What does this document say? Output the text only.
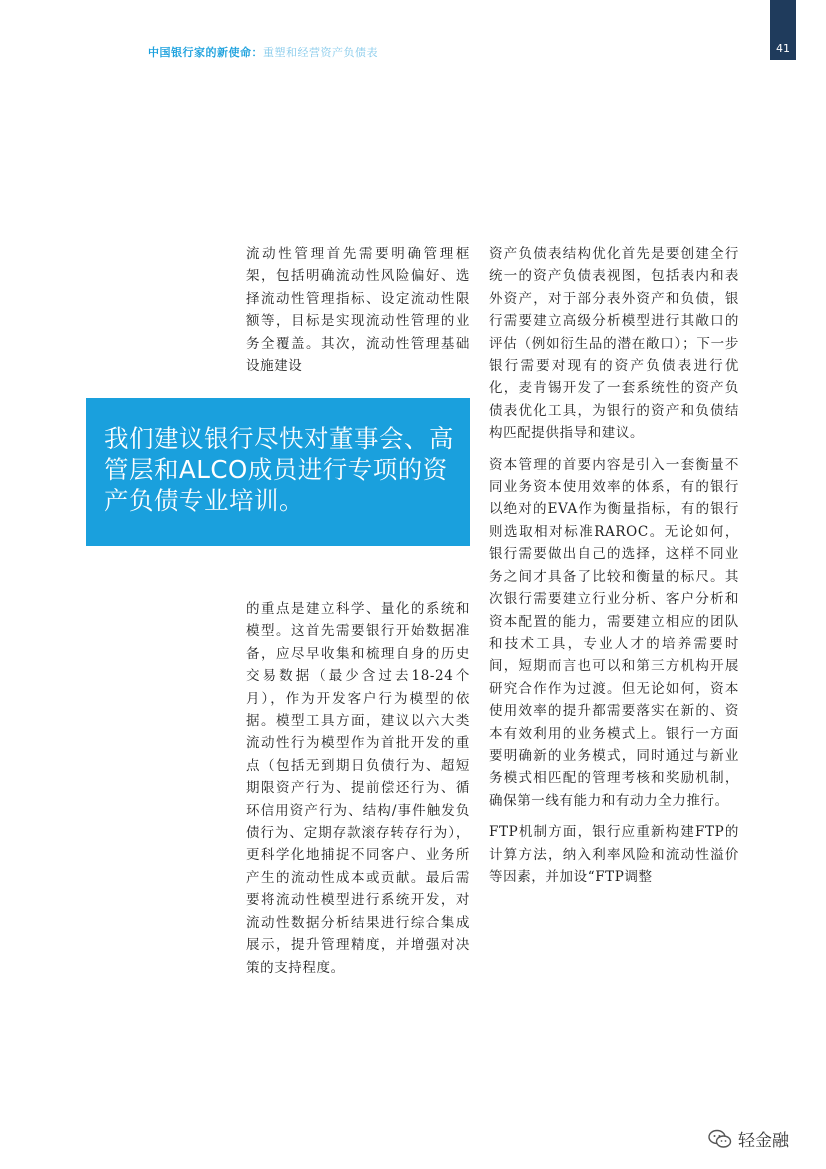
中国银行家的新使命：重塑和经营资产负债表	41

流动性管理首先需要明确管理框架，包括明确流动性风险偏好、选择流动性管理指标、设定流动性限额等，目标是实现流动性管理的业务全覆盖。其次，流动性管理基础设施建设

我们建议银行尽快对董事会、高管层和ALCO成员进行专项的资产负债专业培训。

的重点是建立科学、量化的系统和模型。这首先需要银行开始数据准备，应尽早收集和梳理自身的历史交易数据（最少含过去18-24个月），作为开发客户行为模型的依据。模型工具方面，建议以六大类流动性行为模型作为首批开发的重点（包括无到期日负债行为、超短期限资产行为、提前偿还行为、循环信用资产行为、结构/事件触发负债行为、定期存款滚存转存行为），更科学化地捕捉不同客户、业务所产生的流动性成本或贡献。最后需要将流动性模型进行系统开发，对流动性数据分析结果进行综合集成展示，提升管理精度，并增强对决策的支持程度。

资产负债表结构优化首先是要创建全行统一的资产负债表视图，包括表内和表外资产，对于部分表外资产和负债，银行需要建立高级分析模型进行其敞口的评估（例如衍生品的潜在敞口）；下一步银行需要对现有的资产负债表进行优化，麦肯锡开发了一套系统性的资产负债表优化工具，为银行的资产和负债结构匹配提供指导和建议。

资本管理的首要内容是引入一套衡量不同业务资本使用效率的体系，有的银行以绝对的EVA作为衡量指标，有的银行则选取相对标准RAROC。无论如何，银行需要做出自己的选择，这样不同业务之间才具备了比较和衡量的标尺。其次银行需要建立行业分析、客户分析和资本配置的能力，需要建立相应的团队和技术工具，专业人才的培养需要时间，短期而言也可以和第三方机构开展研究合作作为过渡。但无论如何，资本使用效率的提升都需要落实在新的、资本有效利用的业务模式上。银行一方面要明确新的业务模式，同时通过与新业务模式相匹配的管理考核和奖励机制，确保第一线有能力和有动力全力推行。

FTP机制方面，银行应重新构建FTP的计算方法，纳入利率风险和流动性溢价等因素，并加设“FTP调整

轻金融
